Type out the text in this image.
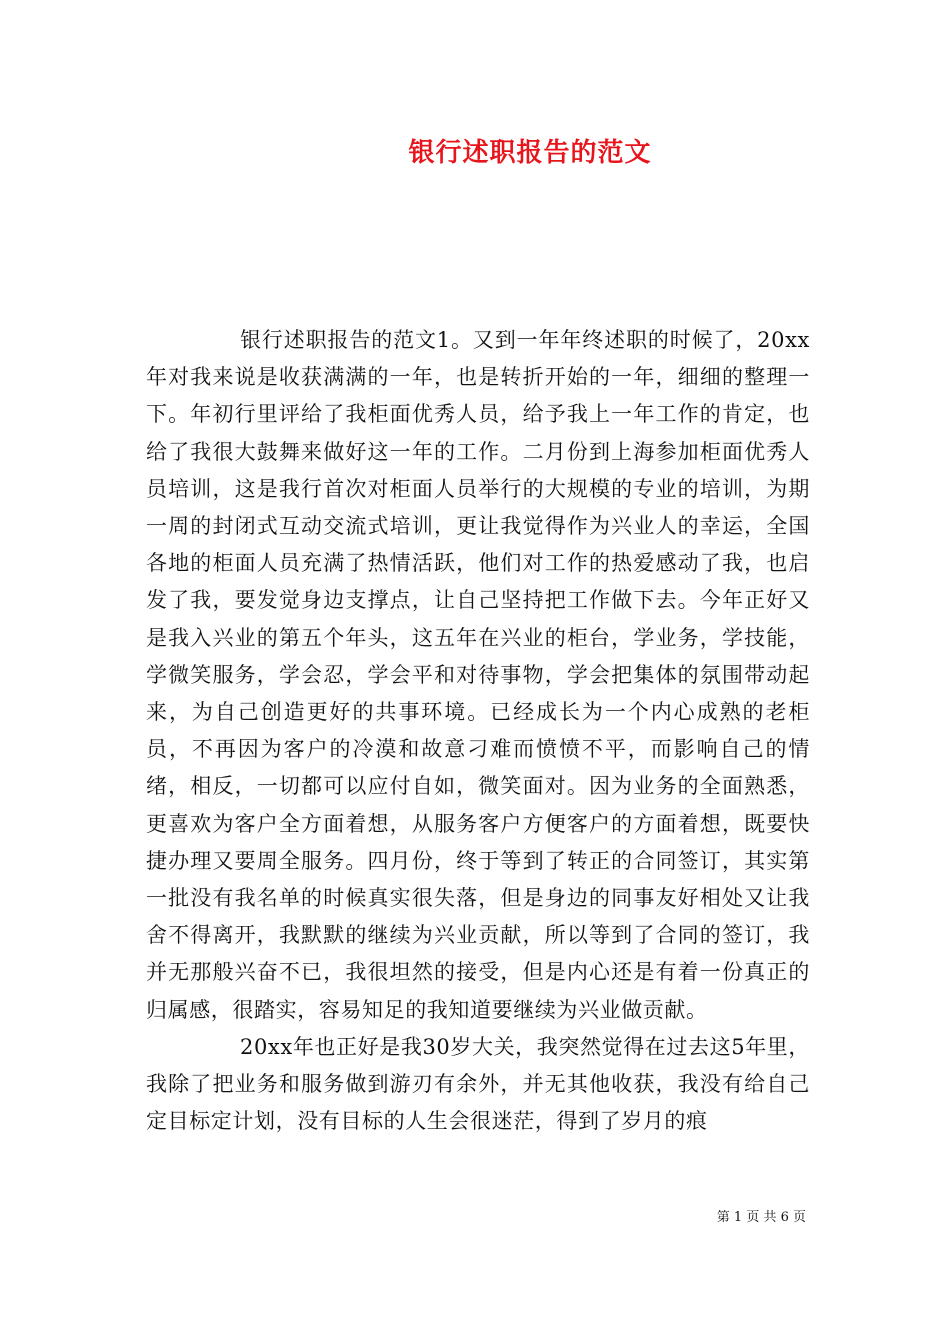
银行述职报告的范文

银行述职报告的范文1。又到一年年终述职的时候了，20xx年对我来说是收获满满的一年，也是转折开始的一年，细细的整理一下。年初行里评给了我柜面优秀人员，给予我上一年工作的肯定，也给了我很大鼓舞来做好这一年的工作。二月份到上海参加柜面优秀人员培训，这是我行首次对柜面人员举行的大规模的专业的培训，为期一周的封闭式互动交流式培训，更让我觉得作为兴业人的幸运，全国各地的柜面人员充满了热情活跃，他们对工作的热爱感动了我，也启发了我，要发觉身边支撑点，让自己坚持把工作做下去。今年正好又是我入兴业的第五个年头，这五年在兴业的柜台，学业务，学技能，学微笑服务，学会忍，学会平和对待事物，学会把集体的氛围带动起来，为自己创造更好的共事环境。已经成长为一个内心成熟的老柜员，不再因为客户的冷漠和故意刁难而愤愤不平，而影响自己的情绪，相反，一切都可以应付自如，微笑面对。因为业务的全面熟悉，更喜欢为客户全方面着想，从服务客户方便客户的方面着想，既要快捷办理又要周全服务。四月份，终于等到了转正的合同签订，其实第一批没有我名单的时候真实很失落，但是身边的同事友好相处又让我舍不得离开，我默默的继续为兴业贡献，所以等到了合同的签订，我并无那般兴奋不已，我很坦然的接受，但是内心还是有着一份真正的归属感，很踏实，容易知足的我知道要继续为兴业做贡献。

20xx年也正好是我30岁大关，我突然觉得在过去这5年里，我除了把业务和服务做到游刃有余外，并无其他收获，我没有给自己定目标定计划，没有目标的人生会很迷茫，得到了岁月的痕

第 1 页 共 6 页
